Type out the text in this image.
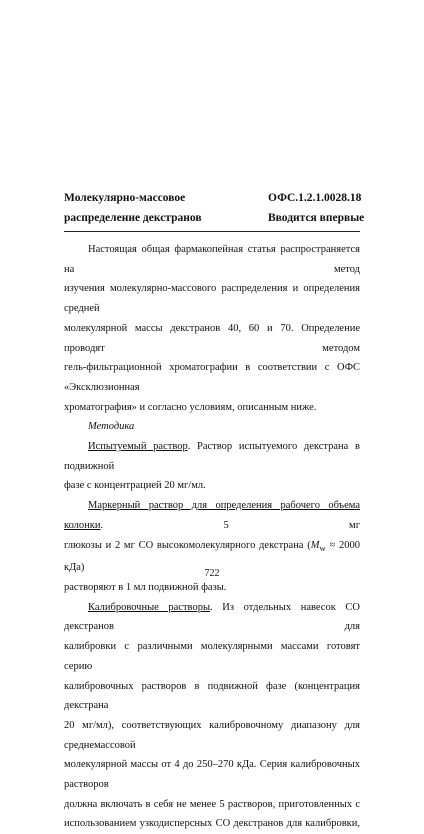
Молекулярно-массовое
распределение декстранов
ОФС.1.2.1.0028.18
Вводится впервые

Настоящая общая фармакопейная статья распространяется на метод

изучения молекулярно-массового распределения и определения средней

молекулярной массы декстранов 40, 60 и 70. Определение проводят методом

гель-фильтрационной хроматографии в соответствии с ОФС «Эксклюзионная

хроматография» и согласно условиям, описанным ниже.

Методика

Испытуемый раствор. Раствор испытуемого декстрана в подвижной

фазе с концентрацией 20 мг/мл.

Маркерный раствор для определения рабочего объема колонки. 5 мг

глюкозы и 2 мг СО высокомолекулярного декстрана ($M_w \approx 2000$ кДа)

растворяют в 1 мл подвижной фазы.

Калибровочные растворы. Из отдельных навесок СО декстранов для

калибровки с различными молекулярными массами готовят серию

калибровочных растворов в подвижной фазе (концентрация декстрана

20 мг/мл), соответствующих калибровочному диапазону для среднемассовой

молекулярной массы от 4 до 250–270 кДа. Серия калибровочных растворов

должна включать в себя не менее 5 растворов, приготовленных с

использованием узкодисперсных СО декстранов для калибровки,

722
